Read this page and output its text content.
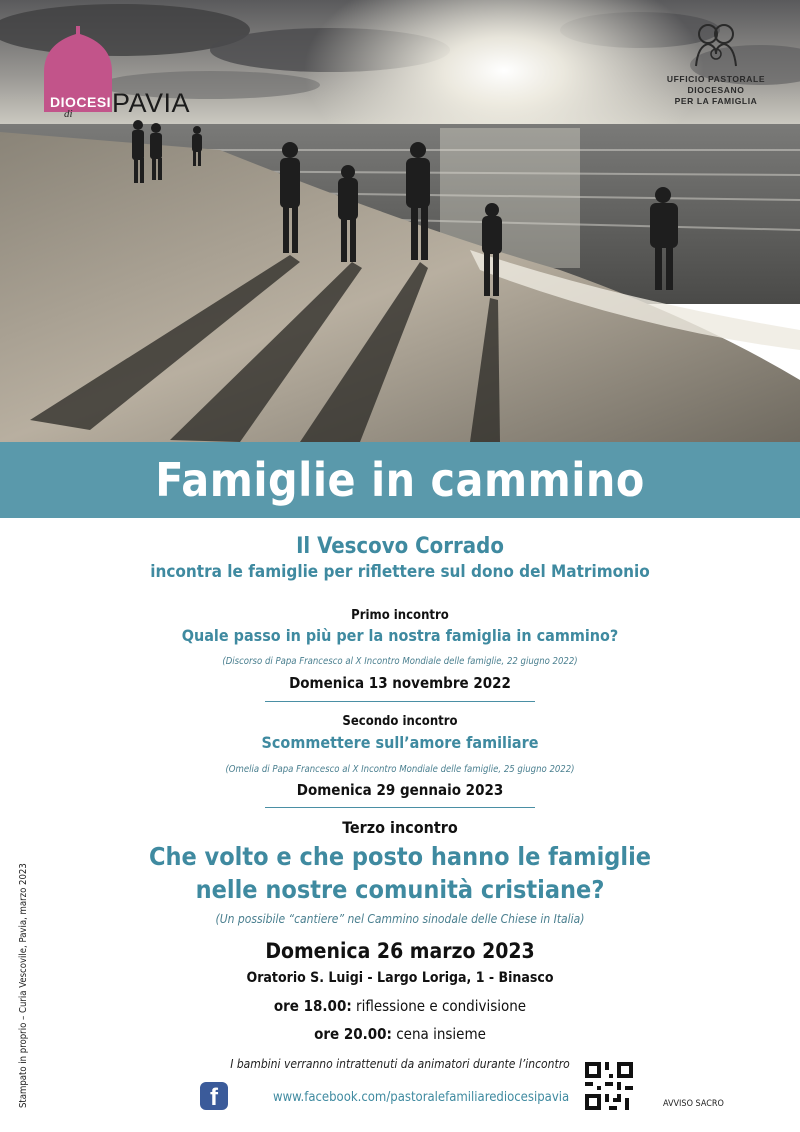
DIOCESI
di PAVIA
UFFICIO PASTORALE
DIOCESANO
PER LA FAMIGLIA
Famiglie in cammino
Il Vescovo Corrado
incontra le famiglie per riflettere sul dono del Matrimonio
Primo incontro
Quale passo in più per la nostra famiglia in cammino?
(Discorso di Papa Francesco al X Incontro Mondiale delle famiglie, 22 giugno 2022)
Domenica 13 novembre 2022
Secondo incontro
Scommettere sull’amore familiare
(Omelia di Papa Francesco al X Incontro Mondiale delle famiglie, 25 giugno 2022)
Domenica 29 gennaio 2023
Terzo incontro
Che volto e che posto hanno le famiglie
nelle nostre comunità cristiane?
(Un possibile “cantiere” nel Cammino sinodale delle Chiese in Italia)
Domenica 26 marzo 2023
Oratorio S. Luigi - Largo Loriga, 1 - Binasco
ore 18.00: riflessione e condivisione
ore 20.00: cena insieme
I bambini verranno intrattenuti da animatori durante l’incontro
f	www.facebook.com/pastoralefamiliarediocesipavia	AVVISO SACRO
Stampato in proprio – Curia Vescovile, Pavia, marzo 2023
